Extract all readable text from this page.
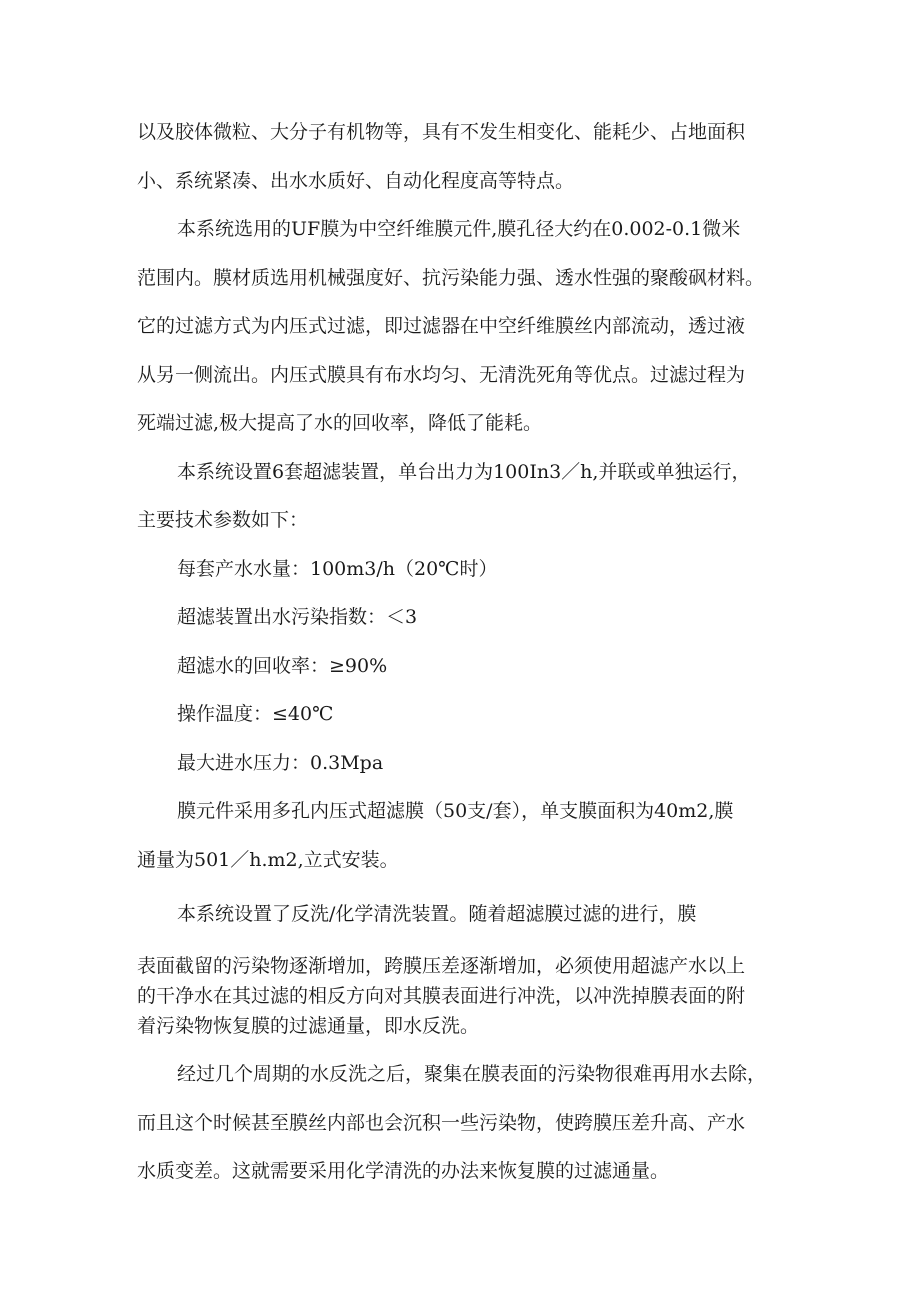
以及胶体微粒、大分子有机物等，具有不发生相变化、能耗少、占地面积

小、系统紧凑、出水水质好、自动化程度高等特点。

本系统选用的UF膜为中空纤维膜元件,膜孔径大约在0.002-0.1微米

范围内。膜材质选用机械强度好、抗污染能力强、透水性强的聚酸砜材料。

它的过滤方式为内压式过滤，即过滤器在中空纤维膜丝内部流动，透过液

从另一侧流出。内压式膜具有布水均匀、无清洗死角等优点。过滤过程为

死端过滤,极大提高了水的回收率，降低了能耗。

本系统设置6套超滤装置，单台出力为100In3／h,并联或单独运行，

主要技术参数如下：

每套产水水量：100m3/h（20℃时）

超滤装置出水污染指数：＜3

超滤水的回收率：≥90%

操作温度：≤40℃

最大进水压力：0.3Mpa

膜元件采用多孔内压式超滤膜（50支/套），单支膜面积为40m2,膜

通量为501／h.m2,立式安装。

本系统设置了反洗/化学清洗装置。随着超滤膜过滤的进行，膜

表面截留的污染物逐渐增加，跨膜压差逐渐增加，必须使用超滤产水以上

的干净水在其过滤的相反方向对其膜表面进行冲洗，以冲洗掉膜表面的附

着污染物恢复膜的过滤通量，即水反洗。

经过几个周期的水反洗之后，聚集在膜表面的污染物很难再用水去除，

而且这个时候甚至膜丝内部也会沉积一些污染物，使跨膜压差升高、产水

水质变差。这就需要采用化学清洗的办法来恢复膜的过滤通量。
